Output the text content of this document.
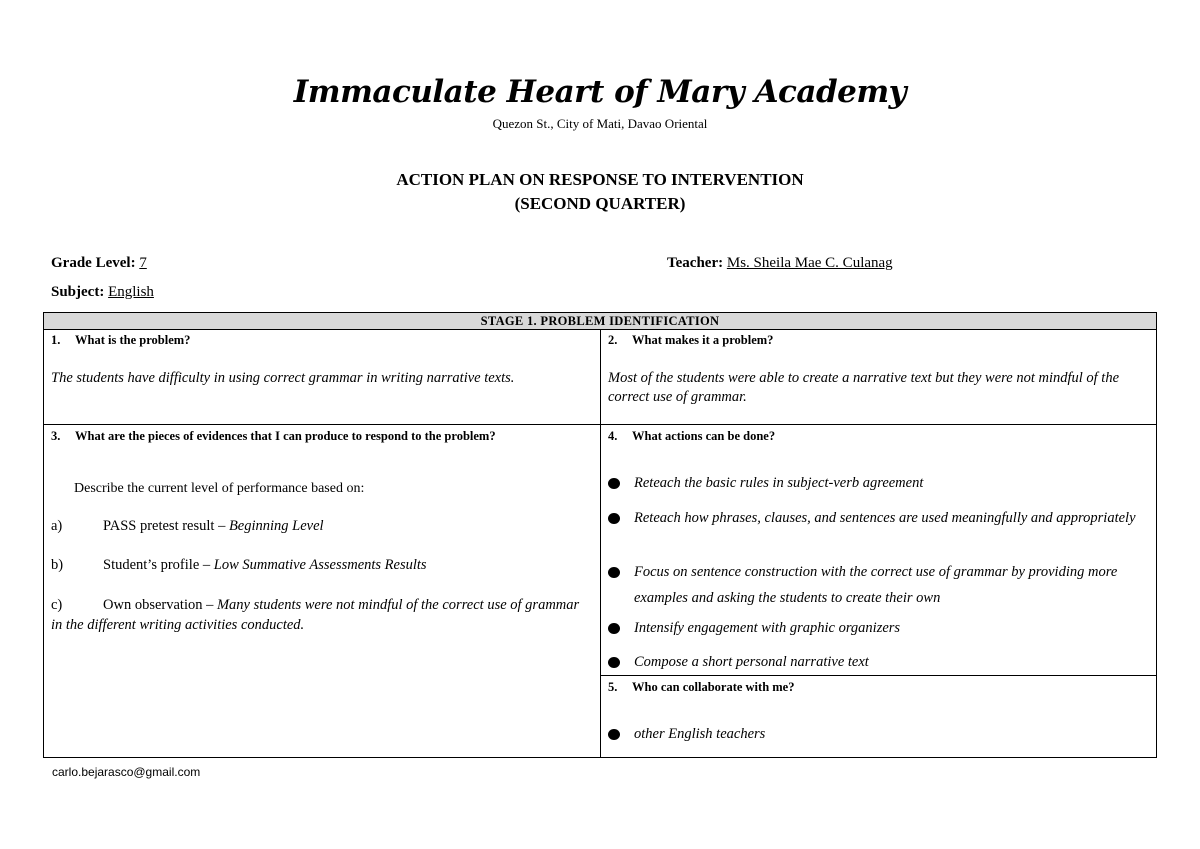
Immaculate Heart of Mary Academy
Quezon St., City of Mati, Davao Oriental
ACTION PLAN ON RESPONSE TO INTERVENTION
(SECOND QUARTER)
Grade Level: 7
Subject: English
Teacher: Ms. Sheila Mae C. Culanag
STAGE 1. PROBLEM IDENTIFICATION
1. What is the problem?
The students have difficulty in using correct grammar in writing narrative texts.
2. What makes it a problem?
Most of the students were able to create a narrative text but they were not mindful of the correct use of grammar.
3. What are the pieces of evidences that I can produce to respond to the problem?
Describe the current level of performance based on:
a)	PASS pretest result – Beginning Level
b)	Student’s profile – Low Summative Assessments Results
c)	Own observation – Many students were not mindful of the correct use of grammar in the different writing activities conducted.
4. What actions can be done?
Reteach the basic rules in subject-verb agreement
Reteach how phrases, clauses, and sentences are used meaningfully and appropriately
Focus on sentence construction with the correct use of grammar by providing more examples and asking the students to create their own
Intensify engagement with graphic organizers
Compose a short personal narrative text
5. Who can collaborate with me?
other English teachers
carlo.bejarasco@gmail.com
